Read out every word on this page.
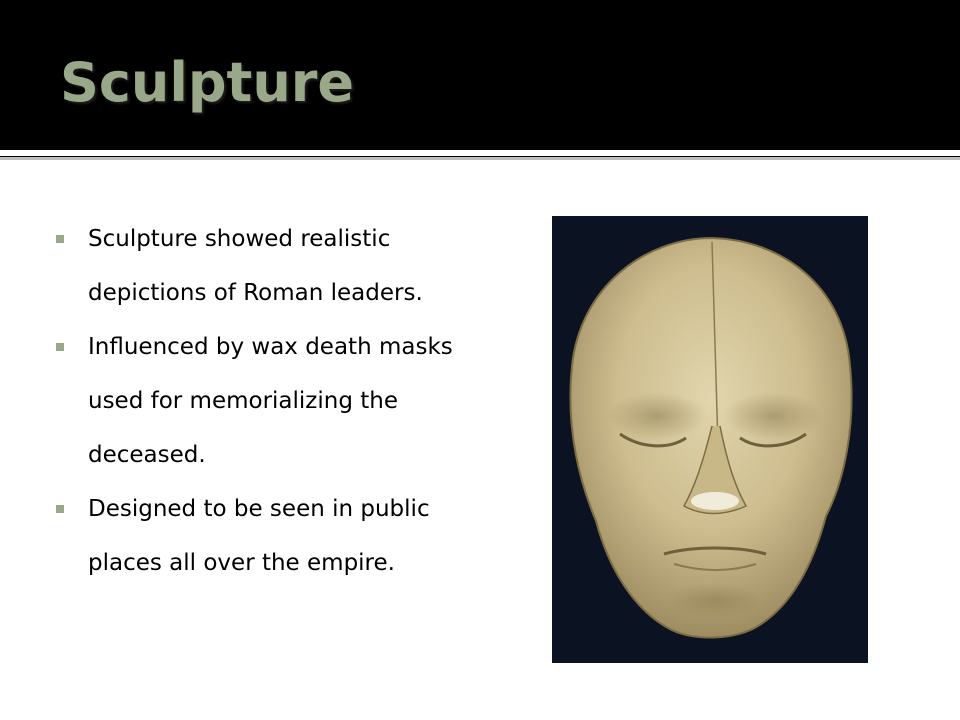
Sculpture
Sculpture showed realistic depictions of Roman leaders.
Influenced by wax death masks used for memorializing the deceased.
Designed to be seen in public places all over the empire.
